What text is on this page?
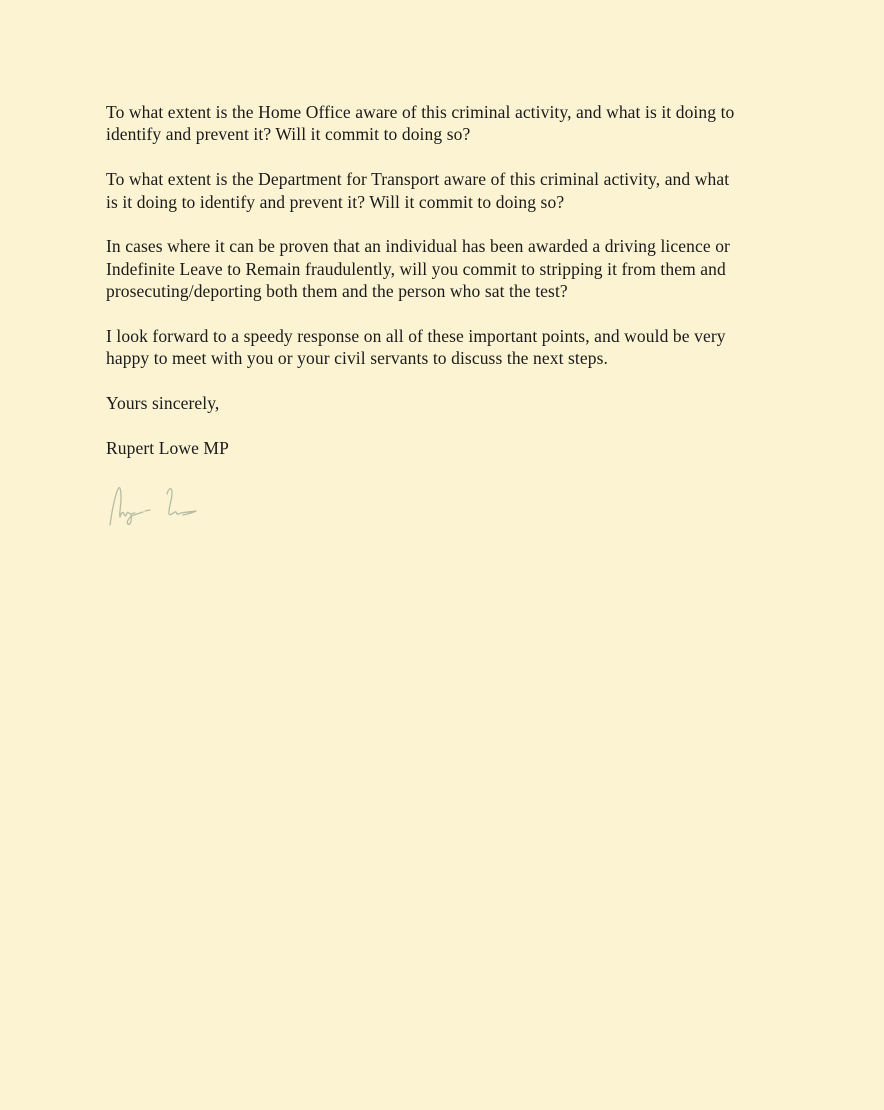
To what extent is the Home Office aware of this criminal activity, and what is it doing to
identify and prevent it? Will it commit to doing so?

To what extent is the Department for Transport aware of this criminal activity, and what
is it doing to identify and prevent it? Will it commit to doing so?

In cases where it can be proven that an individual has been awarded a driving licence or
Indefinite Leave to Remain fraudulently, will you commit to stripping it from them and
prosecuting/deporting both them and the person who sat the test?

I look forward to a speedy response on all of these important points, and would be very
happy to meet with you or your civil servants to discuss the next steps.

Yours sincerely,

Rupert Lowe MP
